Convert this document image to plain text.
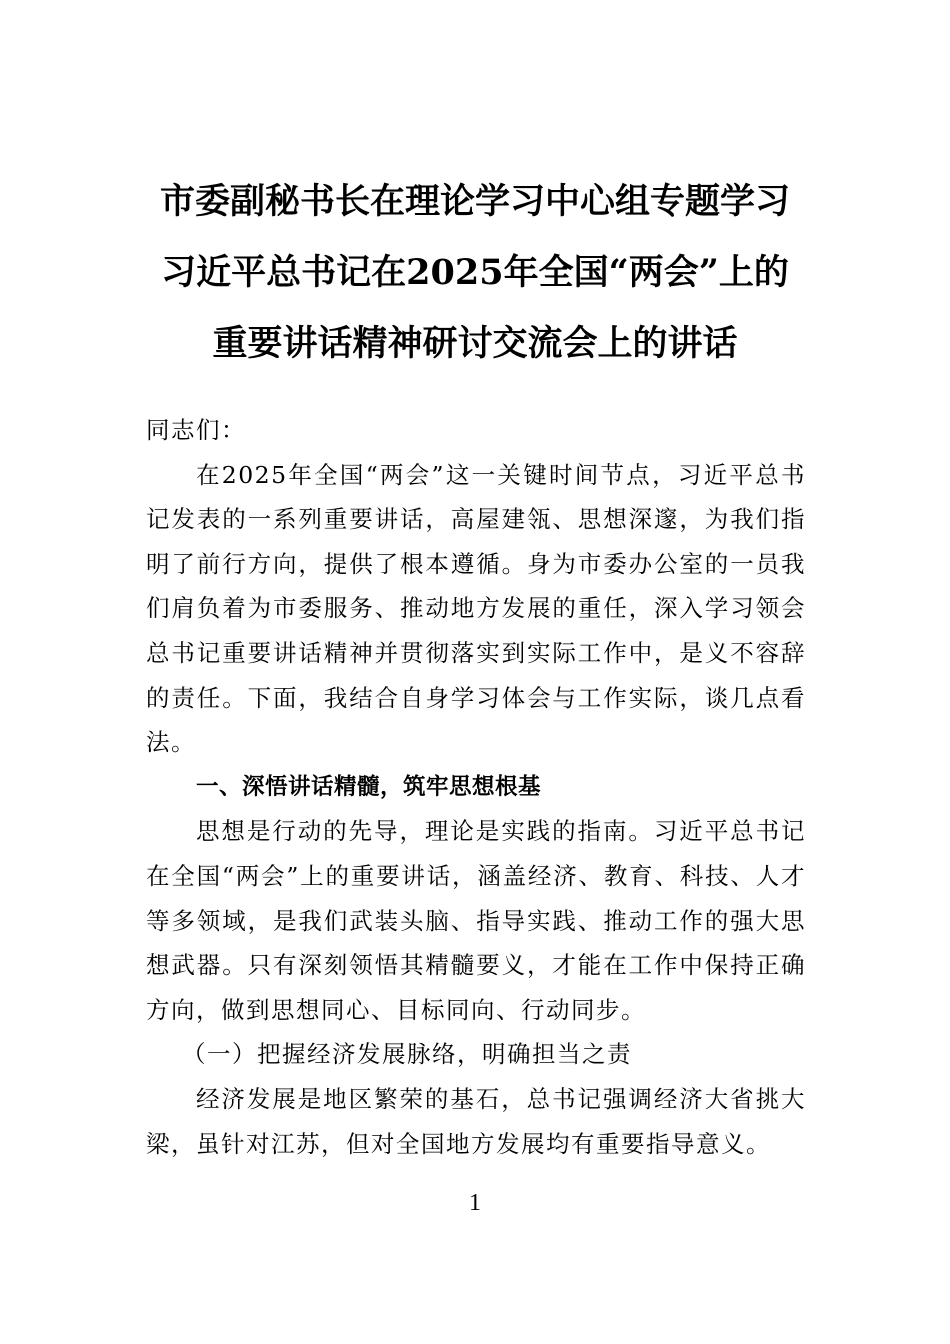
市委副秘书长在理论学习中心组专题学习
习近平总书记在2025年全国“两会”上的
重要讲话精神研讨交流会上的讲话

同志们：

在2025年全国“两会”这一关键时间节点，习近平总书记发表的一系列重要讲话，高屋建瓴、思想深邃，为我们指明了前行方向，提供了根本遵循。身为市委办公室的一员我们肩负着为市委服务、推动地方发展的重任，深入学习领会总书记重要讲话精神并贯彻落实到实际工作中，是义不容辞的责任。下面，我结合自身学习体会与工作实际，谈几点看法。

一、深悟讲话精髓，筑牢思想根基

思想是行动的先导，理论是实践的指南。习近平总书记在全国“两会”上的重要讲话，涵盖经济、教育、科技、人才等多领域，是我们武装头脑、指导实践、推动工作的强大思想武器。只有深刻领悟其精髓要义，才能在工作中保持正确方向，做到思想同心、目标同向、行动同步。

（一）把握经济发展脉络，明确担当之责

经济发展是地区繁荣的基石，总书记强调经济大省挑大梁，虽针对江苏，但对全国地方发展均有重要指导意义。

1
